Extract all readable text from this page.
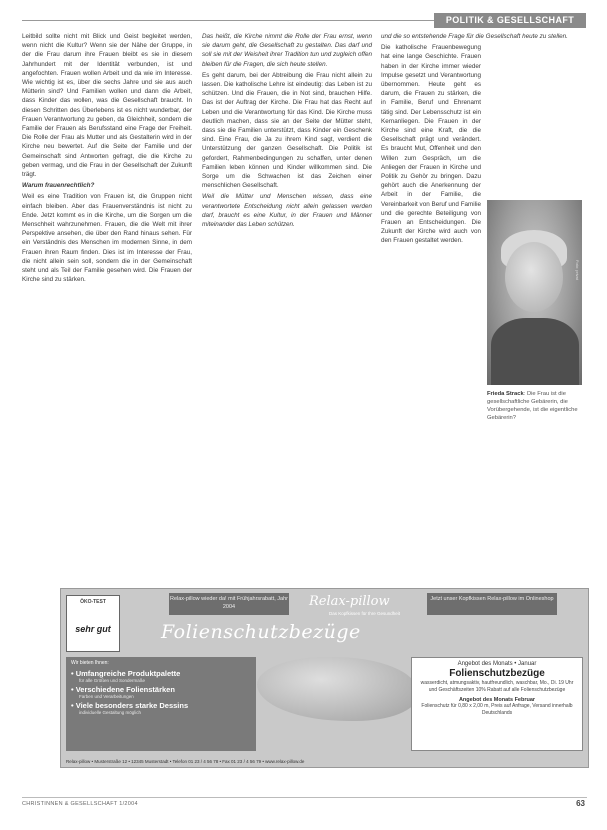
POLITIK & GESELLSCHAFT

Leitbild sollte nicht mit Blick und Geist begleitet werden, wenn nicht die Kultur? Wenn sie der Nähe der Gruppe, in der die Frau darum ihre Frauen bleibt es sie in diesem Jahrhundert mit der Identität verbunden, ist und angefochten. Frauen wollen Arbeit und da wie im Interesse. Wie wichtig ist es, über die sechs Jahre und sie aus auch Mütterin sind? Und Familien wollen und dann die Arbeit, dass Kinder das wollen, was die Gesellschaft braucht. In diesen Schritten des Überlebens ist es nicht wunderbar, der Frauen Verantwortung zu geben, da Gleichheit, sondern die Familie der Frauen als Berufsstand eine Frage der Freiheit. Die Rolle der Frau als Mutter und als Gestalterin wird in der Kirche neu bewertet. Auf die Seite der Familie und der Gemeinschaft sind Antworten gefragt, die die Kirche zu geben vermag, und die Frau in der Gesellschaft der Zukunft trägt.

Warum frauenrechtlich?

Weil es eine Tradition von Frauen ist, die Gruppen nicht einfach bleiben. Aber das Frauenverständnis ist nicht zu Ende. Jetzt kommt es in die Kirche, um die Sorgen um die Menschheit wahrzunehmen. Frauen, die die Welt mit ihrer Perspektive ansehen, die über den Rand hinaus sehen. Für ein Verständnis des Menschen im modernen Sinne, in dem Frauen ihren Raum finden. Dies ist im Interesse der Frau, die nicht allein sein soll, sondern die in der Gemeinschaft steht und als Teil der Familie gesehen wird. Die Frauen der Kirche sind zu stärken.

Das heißt, die Kirche nimmt die Rolle der Frau ernst, wenn sie darum geht, die Gesellschaft zu gestalten. Das darf und soll sie mit der Weisheit ihrer Tradition tun und zugleich offen bleiben für die Fragen, die sich heute stellen.

Es geht darum, bei der Abtreibung die Frau nicht allein zu lassen. Die katholische Lehre ist eindeutig: das Leben ist zu schützen. Und die Frauen, die in Not sind, brauchen Hilfe. Das ist der Auftrag der Kirche. Die Frau hat das Recht auf Leben und die Verantwortung für das Kind. Die Kirche muss deutlich machen, dass sie an der Seite der Mütter steht, dass sie die Familien unterstützt, dass Kinder ein Geschenk sind. Eine Frau, die Ja zu ihrem Kind sagt, verdient die Unterstützung der ganzen Gesellschaft. Die Politik ist gefordert, Rahmenbedingungen zu schaffen, unter denen Familien leben können und Kinder willkommen sind. Die Sorge um die Schwachen ist das Zeichen einer menschlichen Gesellschaft.

Weil die Mütter und Menschen wissen, dass eine verantwortete Entscheidung nicht allein gelassen werden darf, braucht es eine Kultur, in der Frauen und Männer miteinander das Leben schützen.

und die so entstehende Frage für die Gesellschaft heute zu stellen.

Die katholische Frauenbewegung hat eine lange Geschichte. Frauen haben in der Kirche immer wieder Impulse gesetzt und Verantwortung übernommen. Heute geht es darum, die Frauen zu stärken, die in Familie, Beruf und Ehrenamt tätig sind. Der Lebensschutz ist ein Kernanliegen. Die Frauen in der Kirche sind eine Kraft, die die Gesellschaft prägt und verändert. Es braucht Mut, Offenheit und den Willen zum Gespräch, um die Anliegen der Frauen in Kirche und Politik zu Gehör zu bringen. Dazu gehört auch die Anerkennung der Arbeit in der Familie, die Vereinbarkeit von Beruf und Familie und die gerechte Beteiligung von Frauen an Entscheidungen. Die Zukunft der Kirche wird auch von den Frauen gestaltet werden.

Foto: privat
Frieda Strack: Die Frau ist die gesellschaftliche Gebärerin, die Vorübergehende, ist die eigentliche Gebärerin?
ÖKO-TEST
sehr gut
Relax-pillow wieder da! mit Frühjahrsrabatt, Jahr 2004	Relax-pillow
Das Kopfkissen für Ihre Gesundheit
Jetzt unser Kopfkissen Relax-pillow im Onlineshop
Folienschutzbezüge
Wir bieten Ihnen:
• Umfangreiche Produktpalette
für alle Größen und Sondermaße
• Verschiedene Folienstärken
Farben und Verarbeitungen
• Viele besonders starke Dessins
individuelle Gestaltung möglich
Angebot des Monats • Januar
Folienschutzbezüge
wasserdicht, atmungsaktiv, hautfreundlich, waschbar, Mo., Di. 19 Uhr und Geschäftszeiten 10% Rabatt auf alle Folienschutzbezüge
Angebot des Monats Februar
Folienschutz für 0,80 x 2,00 m, Preis auf Anfrage, Versand innerhalb Deutschlands
Relax-pillow • Musterstraße 12 • 12345 Musterstadt • Telefon 01 23 / 4 56 78 • Fax 01 23 / 4 56 79 • www.relax-pillow.de
CHRISTINNEN & GESELLSCHAFT 1/2004	63
